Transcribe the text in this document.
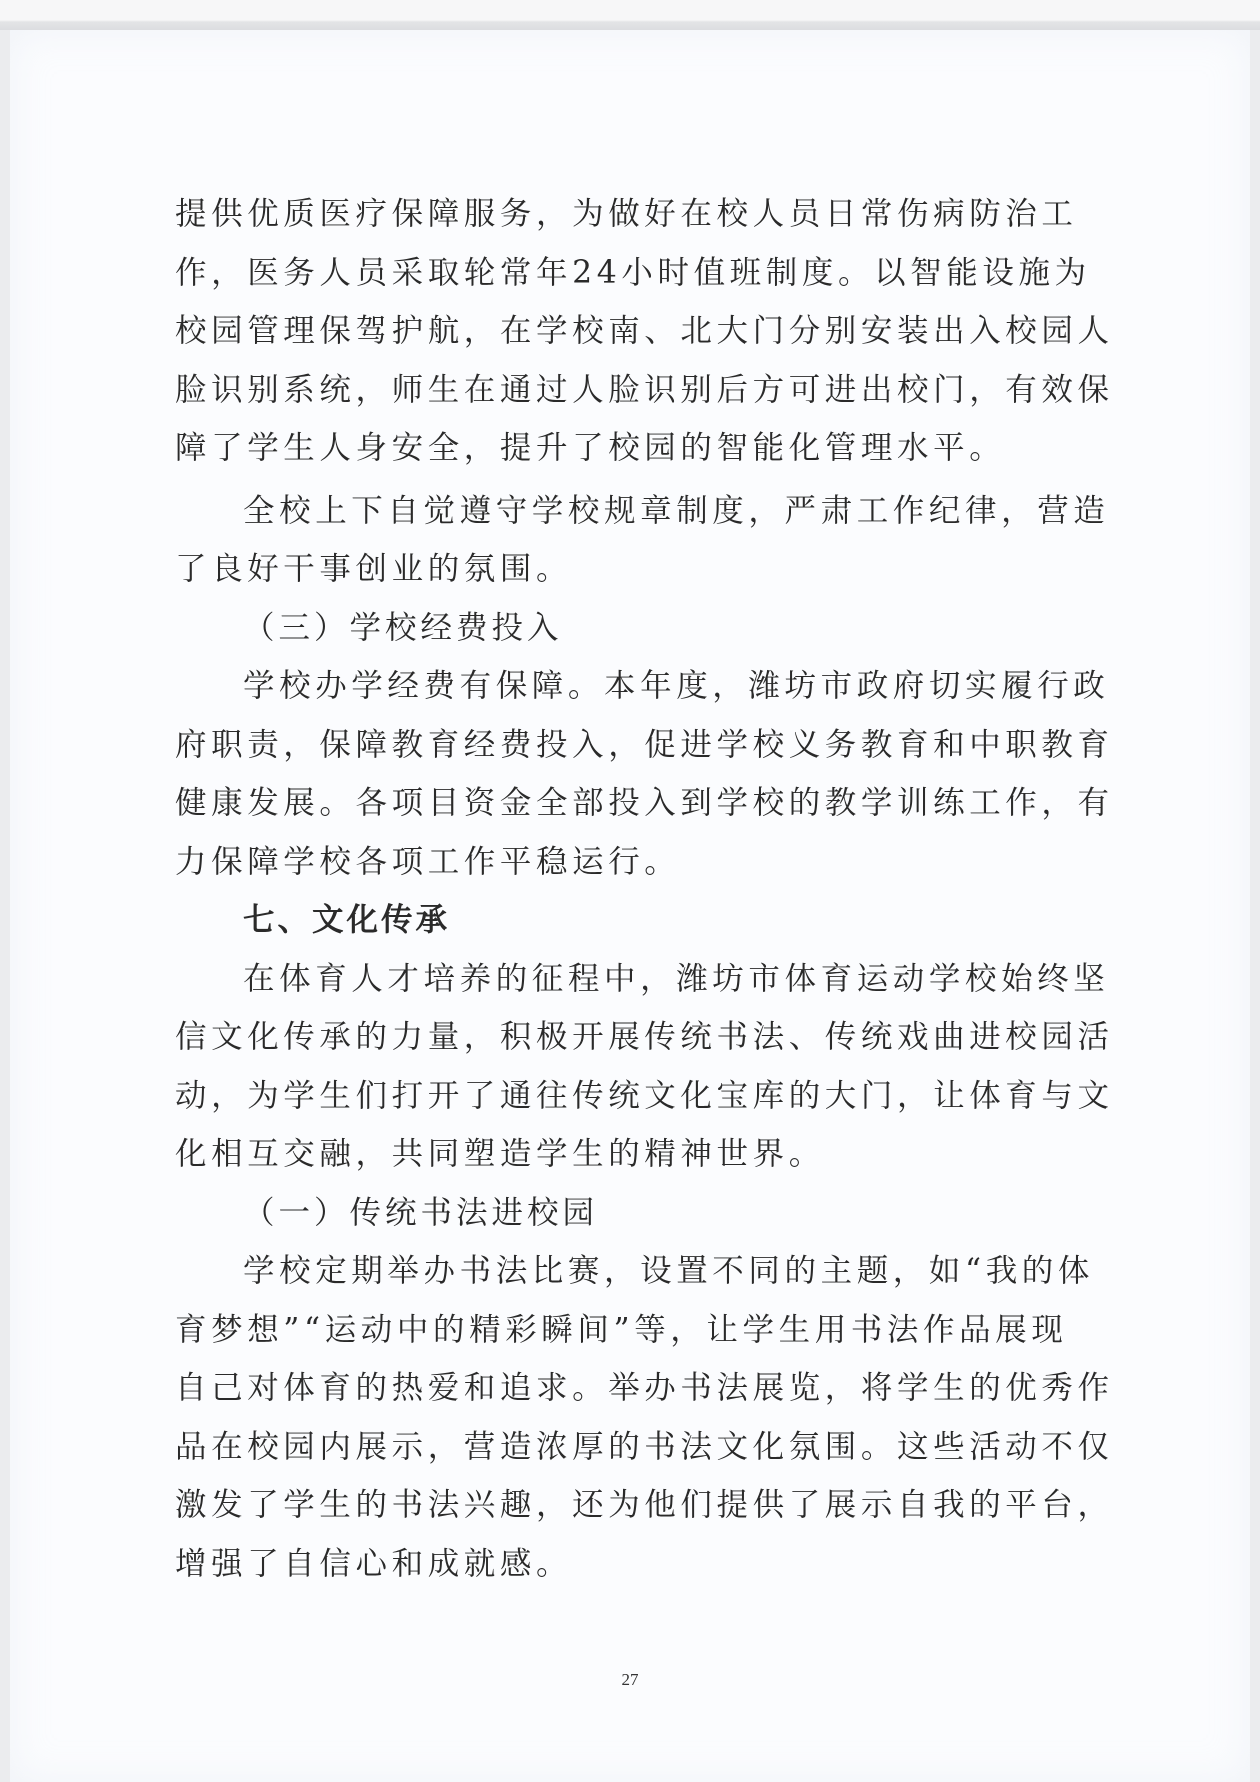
提供优质医疗保障服务，为做好在校人员日常伤病防治工
作，医务人员采取轮常年24小时值班制度。以智能设施为
校园管理保驾护航，在学校南、北大门分别安装出入校园人
脸识别系统，师生在通过人脸识别后方可进出校门，有效保
障了学生人身安全，提升了校园的智能化管理水平。
全校上下自觉遵守学校规章制度，严肃工作纪律，营造
了良好干事创业的氛围。
（三）学校经费投入
学校办学经费有保障。本年度，潍坊市政府切实履行政
府职责，保障教育经费投入，促进学校义务教育和中职教育
健康发展。各项目资金全部投入到学校的教学训练工作，有
力保障学校各项工作平稳运行。
七、文化传承
在体育人才培养的征程中，潍坊市体育运动学校始终坚
信文化传承的力量，积极开展传统书法、传统戏曲进校园活
动，为学生们打开了通往传统文化宝库的大门，让体育与文
化相互交融，共同塑造学生的精神世界。
（一）传统书法进校园
学校定期举办书法比赛，设置不同的主题，如“我的体
育梦想”“运动中的精彩瞬间”等，让学生用书法作品展现
自己对体育的热爱和追求。举办书法展览，将学生的优秀作
品在校园内展示，营造浓厚的书法文化氛围。这些活动不仅
激发了学生的书法兴趣，还为他们提供了展示自我的平台，
增强了自信心和成就感。
27
